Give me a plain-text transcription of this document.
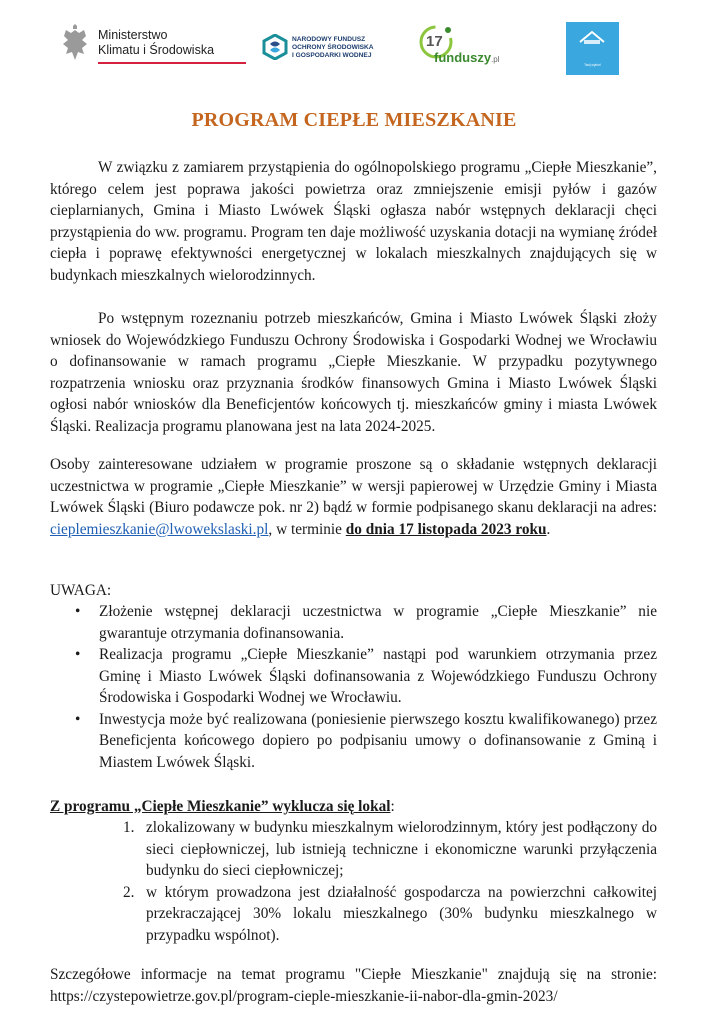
Ministerstwo
Klimatu i Środowiska
NARODOWY FUNDUSZ
OCHRONY ŚRODOWISKA
I GOSPODARKI WODNEJ
17
funduszy.pl
Twój wybór!
PROGRAM CIEPŁE MIESZKANIE

W związku z zamiarem przystąpienia do ogólnopolskiego programu „Ciepłe Mieszkanie”, którego celem jest poprawa jakości powietrza oraz zmniejszenie emisji pyłów i gazów cieplarnianych, Gmina i Miasto Lwówek Śląski ogłasza nabór wstępnych deklaracji chęci przystąpienia do ww. programu. Program ten daje możliwość uzyskania dotacji na wymianę źródeł ciepła i poprawę efektywności energetycznej w lokalach mieszkalnych znajdujących się w budynkach mieszkalnych wielorodzinnych.

Po wstępnym rozeznaniu potrzeb mieszkańców, Gmina i Miasto Lwówek Śląski złoży wniosek do Wojewódzkiego Funduszu Ochrony Środowiska i Gospodarki Wodnej we Wrocławiu o dofinansowanie w ramach programu „Ciepłe Mieszkanie. W przypadku pozytywnego rozpatrzenia wniosku oraz przyznania środków finansowych Gmina i Miasto Lwówek Śląski ogłosi nabór wniosków dla Beneficjentów końcowych tj. mieszkańców gminy i miasta Lwówek Śląski. Realizacja programu planowana jest na lata 2024-2025.

Osoby zainteresowane udziałem w programie proszone są o składanie wstępnych deklaracji uczestnictwa w programie „Ciepłe Mieszkanie” w wersji papierowej w Urzędzie Gminy i Miasta Lwówek Śląski (Biuro podawcze pok. nr 2) bądź w formie podpisanego skanu deklaracji na adres: cieplemieszkanie@lwowekslaski.pl, w terminie do dnia 17 listopada 2023 roku.

UWAGA:
• Złożenie wstępnej deklaracji uczestnictwa w programie „Ciepłe Mieszkanie” nie gwarantuje otrzymania dofinansowania.
• Realizacja programu „Ciepłe Mieszkanie” nastąpi pod warunkiem otrzymania przez Gminę i Miasto Lwówek Śląski dofinansowania z Wojewódzkiego Funduszu Ochrony Środowiska i Gospodarki Wodnej we Wrocławiu.
• Inwestycja może być realizowana (poniesienie pierwszego kosztu kwalifikowanego) przez Beneficjenta końcowego dopiero po podpisaniu umowy o dofinansowanie z Gminą i Miastem Lwówek Śląski.
Z programu „Ciepłe Mieszkanie” wyklucza się lokal:
1. zlokalizowany w budynku mieszkalnym wielorodzinnym, który jest podłączony do sieci ciepłowniczej, lub istnieją techniczne i ekonomiczne warunki przyłączenia budynku do sieci ciepłowniczej;
2. w którym prowadzona jest działalność gospodarcza na powierzchni całkowitej przekraczającej 30% lokalu mieszkalnego (30% budynku mieszkalnego w przypadku wspólnot).

Szczegółowe informacje na temat programu "Ciepłe Mieszkanie" znajdują się na stronie: https://czystepowietrze.gov.pl/program-cieple-mieszkanie-ii-nabor-dla-gmin-2023/
